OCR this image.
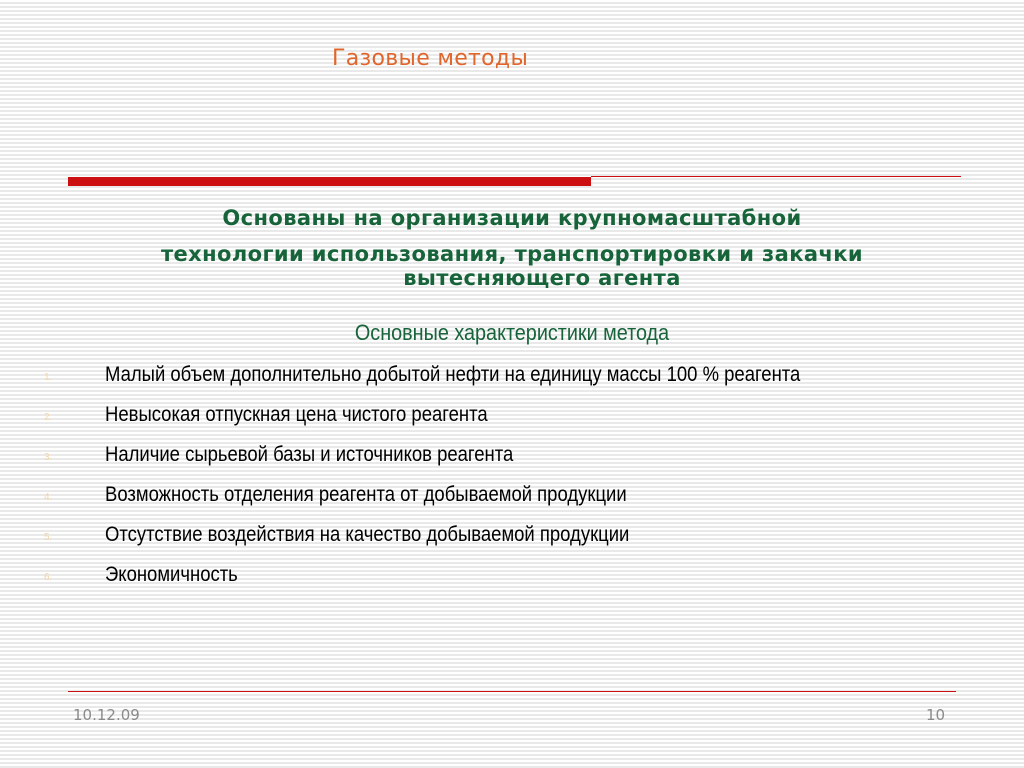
Газовые методы
Основаны на организации крупномасштабной
технологии использования, транспортировки и закачки
вытесняющего агента
Основные характеристики метода
1.	Малый объем дополнительно добытой нефти на единицу массы 100 % реагента
2.	Невысокая отпускная цена чистого реагента
3.	Наличие сырьевой базы и источников реагента
4.	Возможность отделения реагента от добываемой продукции
5.	Отсутствие воздействия на качество добываемой продукции
6.	Экономичность
10.12.09	10
